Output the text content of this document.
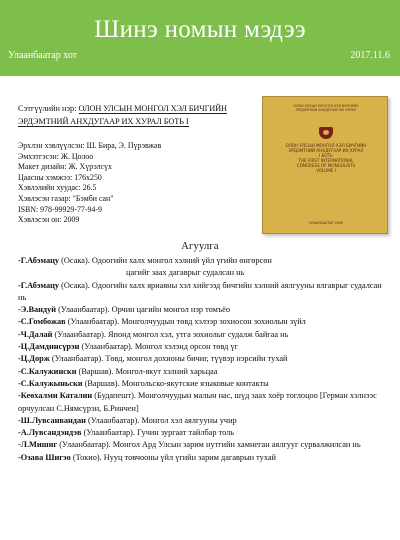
Шинэ номын мэдээ
Улаанбаатар хот	2017.11.6
Сэтгүүлийн нэр: ОЛОН УЛСЫН МОНГОЛ ХЭЛ БИЧГИЙН
ЭРДЭМТНИЙ АНХДУГААР ИХ ХУРАЛ БОТЬ I
Эрхлэн хэвлүүлсэн: Ш. Бира, Э. Пүрэвжав
Эмхэтгэсэн: Ж. Цолоо
Макет дизайн: Ж. Хүрэлсүх
Цаасны хэмжээ: 176x250
Хэвлэлийн хуудас: 26.5
Хэвлэсэн газар: "Бэмби сан"
ISBN: 978-99929-77-94-9
Хэвлэсэн он: 2009
ОЛОН УЛСЫН МОНГОЛ ХЭЛ БИЧГИЙН
ЭРДЭМТНИЙ АНХДУГААР ИХ ХУРАЛ
ОЛОН УЛСЫН МОНГОЛ ХЭЛ БИЧГИЙН
ЭРДЭМТНИЙ АНХДУГААР ИХ ХУРАЛ
I БОТЬ
THE FIRST INTERNATIONAL
CONGRESS OF MONGOLISTS
VOLUME I
УЛААНБААТАР 2009
Агуулга
-Г.Абэмацу (Осака). Одоогийн халх монгол хэлний үйл үгийн өнгөрсөн
цагийг заах дагаврыг судалсан нь
-Г.Абэмацу (Осака). Одоогийн халх яриаяны хэл хийгээд бичгийн хэлний аялгууны ялгаврыг судалсан нь
-Э.Вандуй (Улаанбаатар). Орчин цагийн монгол нэр томъёо
-С.Гомбожав (Улаанбаатар). Монголчуудын төвд хэлээр зохиосон зохиолын зүйл
-Ч.Далай (Улаанбаатар). Японд монгол хэл, утга зохиолыг судалж байгаа нь
-Ц.Дамдинсүрэн (Улаанбаатар). Монгол хэлэнд орсон төвд үг
-Ц.Дорж (Улаанбаатар). Төвд, монгол дохионы бичиг, түүвэр нэрсийн тухай
-С.Калужински (Варшав). Монгол-якут хэлний харьцаа
-С.Калужыньски (Варшав). Монгольско-якутские языковые контакты
-Кеөхалми Каталин (Будапешт). Монголчуудын малын нас, шүд заах хоёр тоглоцоо [Герман хэлнээс орчуулсан С.Нямсүрэн, Б.Ринчен]
-Ш.Лувсанвандан (Улаанбаатар). Монгол хэл аялгууны учир
-А.Лувсандэндэв (Улаанбаатар). Гучин зургаат тайлбар толь
-Л.Мишиг (Улаанбаатар). Монгол Ард Улсын зарим нутгийн хамнеган аялгууг сурвалжилсан нь
-Озава Шигэо (Токио). Нууц товчооны үйл үгийн зарим дагаврын тухай
